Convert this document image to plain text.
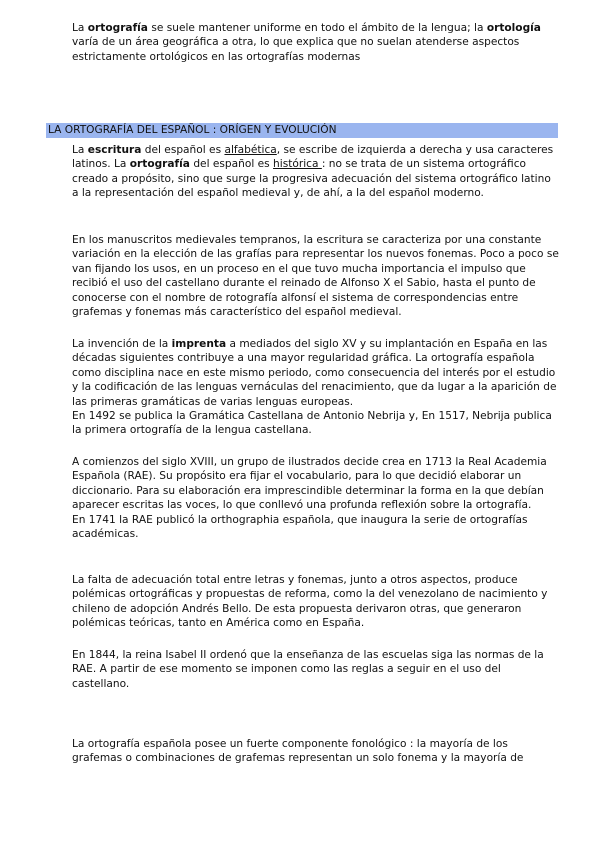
La ortografía se suele mantener uniforme en todo el ámbito de la lengua; la ortología varía de un área geográfica a otra, lo que explica que no suelan atenderse aspectos estrictamente ortológicos en las ortografías modernas

LA ORTOGRAFÍA DEL ESPAÑOL : ORÍGEN Y EVOLUCIÓN

La escritura del español es alfabética, se escribe de izquierda a derecha y usa caracteres latinos. La ortografía del español es histórica : no se trata de un sistema ortográfico creado a propósito, sino que surge la progresiva adecuación del sistema ortográfico latino a la representación del español medieval y, de ahí, a la del español moderno.

En los manuscritos medievales tempranos, la escritura se caracteriza por una constante variación en la elección de las grafías para representar los nuevos fonemas. Poco a poco se van fijando los usos, en un proceso en el que tuvo mucha importancia el impulso que recibió el uso del castellano durante el reinado de Alfonso X el Sabio, hasta el punto de conocerse con el nombre de rotografía alfonsí el sistema de correspondencias entre grafemas y fonemas más característico del español medieval.

La invención de la imprenta a mediados del siglo XV y su implantación en España en las décadas siguientes contribuye a una mayor regularidad gráfica. La ortografía española como disciplina nace en este mismo periodo, como consecuencia del interés por el estudio y la codificación de las lenguas vernáculas del renacimiento, que da lugar a la aparición de las primeras gramáticas de varias lenguas europeas.
En 1492 se publica la Gramática Castellana de Antonio Nebrija y, En 1517, Nebrija publica la primera ortografía de la lengua castellana.

A comienzos del siglo XVIII, un grupo de ilustrados decide crea en 1713 la Real Academia Española (RAE). Su propósito era fijar el vocabulario, para lo que decidió elaborar un diccionario. Para su elaboración era imprescindible determinar la forma en la que debían aparecer escritas las voces, lo que conllevó una profunda reflexión sobre la ortografía.
En 1741 la RAE publicó la orthographia española, que inaugura la serie de ortografías académicas.

La falta de adecuación total entre letras y fonemas, junto a otros aspectos, produce polémicas ortográficas y propuestas de reforma, como la del venezolano de nacimiento y chileno de adopción Andrés Bello. De esta propuesta derivaron otras, que generaron polémicas teóricas, tanto en América como en España.

En 1844, la reina Isabel II ordenó que la enseñanza de las escuelas siga las normas de la RAE. A partir de ese momento se imponen como las reglas a seguir en el uso del castellano.

La ortografía española posee un fuerte componente fonológico : la mayoría de los grafemas o combinaciones de grafemas representan un solo fonema y la mayoría de
